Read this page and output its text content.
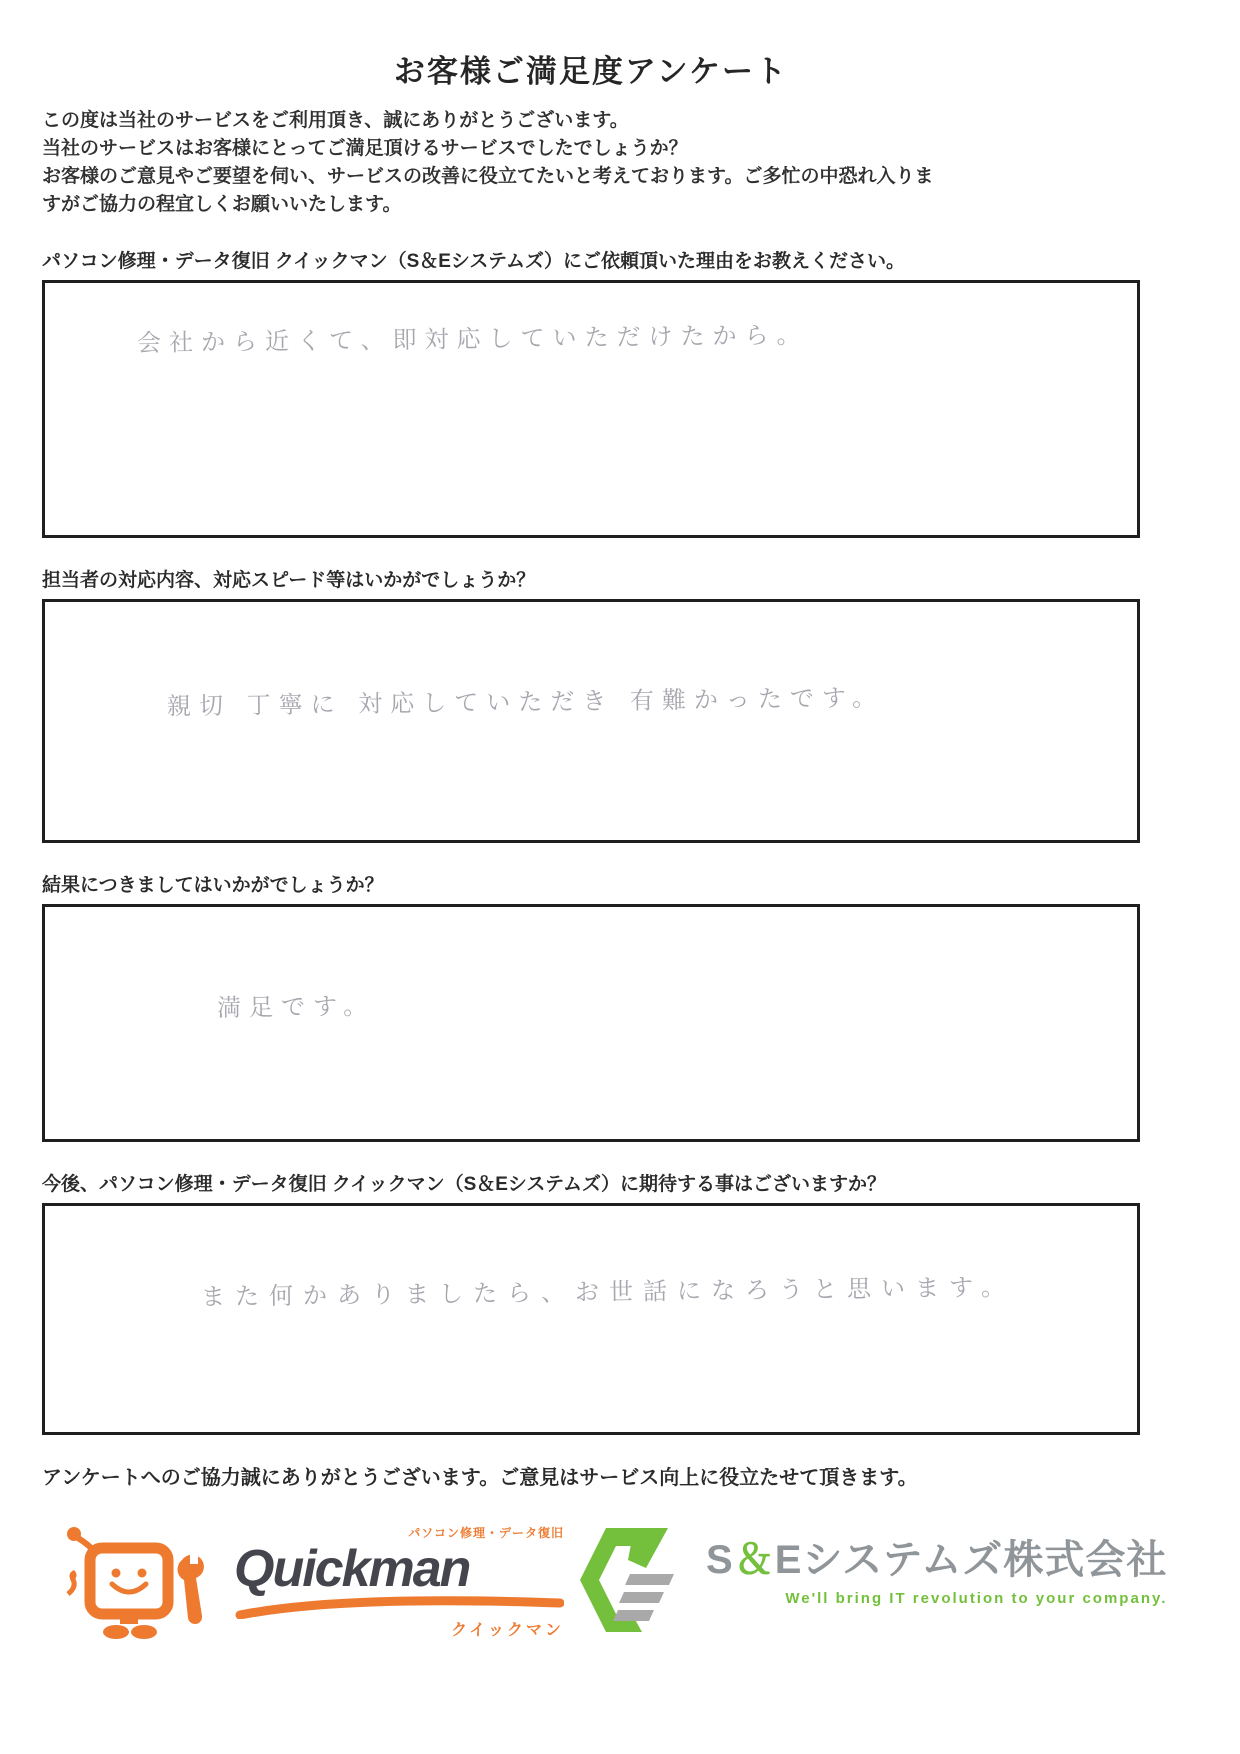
お客様ご満足度アンケート
この度は当社のサービスをご利用頂き、誠にありがとうございます。
当社のサービスはお客様にとってご満足頂けるサービスでしたでしょうか？
お客様のご意見やご要望を伺い、サービスの改善に役立てたいと考えております。ご多忙の中恐れ入りま
すがご協力の程宜しくお願いいたします。
パソコン修理・データ復旧 クイックマン（S＆Eシステムズ）にご依頼頂いた理由をお教えください。
会社から近くて、即対応していただけたから。
担当者の対応内容、対応スピード等はいかがでしょうか？
親切 丁寧に 対応していただき 有難かったです。
結果につきましてはいかがでしょうか？
満足です。
今後、パソコン修理・データ復旧 クイックマン（S＆Eシステムズ）に期待する事はございますか？
また何かありましたら、お世話になろうと思います。
アンケートへのご協力誠にありがとうございます。ご意見はサービス向上に役立たせて頂きます。
パソコン修理・データ復旧
Quickman
クイックマン
S＆Eシステムズ株式会社
We'll bring IT revolution to your company.
